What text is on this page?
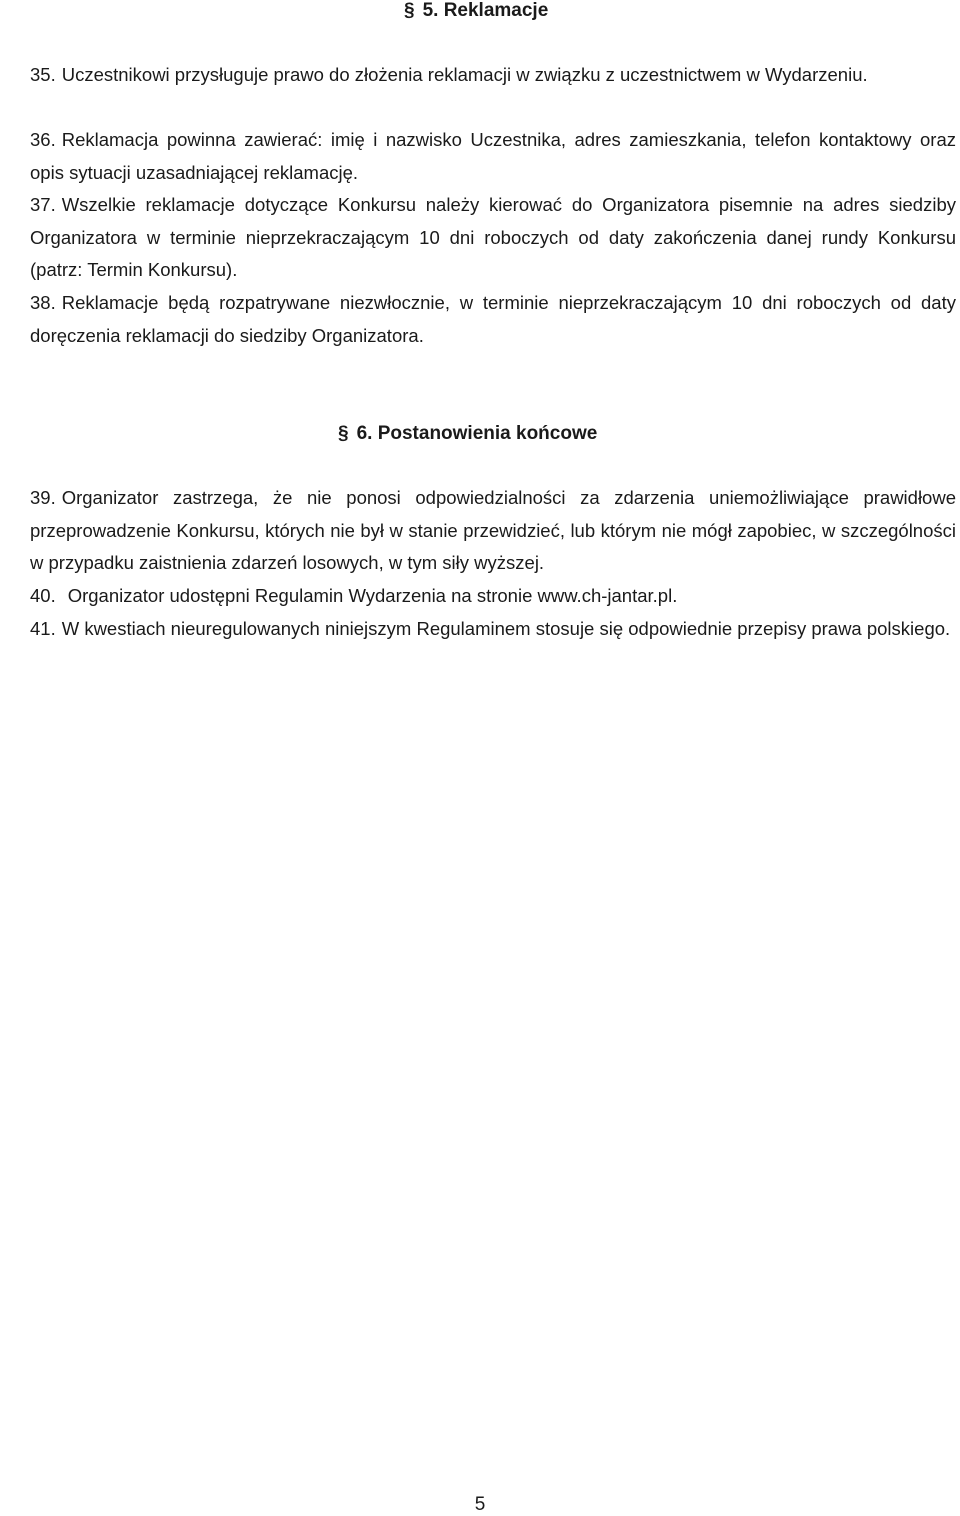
§ 5. Reklamacje

35. Uczestnikowi przysługuje prawo do złożenia reklamacji w związku z uczestnictwem w Wydarzeniu.

36. Reklamacja powinna zawierać: imię i nazwisko Uczestnika, adres zamieszkania, telefon kontaktowy oraz opis sytuacji uzasadniającej reklamację.

37. Wszelkie reklamacje dotyczące Konkursu należy kierować do Organizatora pisemnie na adres siedziby Organizatora w terminie nieprzekraczającym 10 dni roboczych od daty zakończenia danej rundy Konkursu (patrz: Termin Konkursu).

38. Reklamacje będą rozpatrywane niezwłocznie, w terminie nieprzekraczającym 10 dni roboczych od daty doręczenia reklamacji do siedziby Organizatora.

§ 6. Postanowienia końcowe

39. Organizator zastrzega, że nie ponosi odpowiedzialności za zdarzenia uniemożliwiające prawidłowe przeprowadzenie Konkursu, których nie był w stanie przewidzieć, lub którym nie mógł zapobiec, w szczególności w przypadku zaistnienia zdarzeń losowych, w tym siły wyższej.

40. Organizator udostępni Regulamin Wydarzenia na stronie www.ch-jantar.pl.

41. W kwestiach nieuregulowanych niniejszym Regulaminem stosuje się odpowiednie przepisy prawa polskiego.

5
